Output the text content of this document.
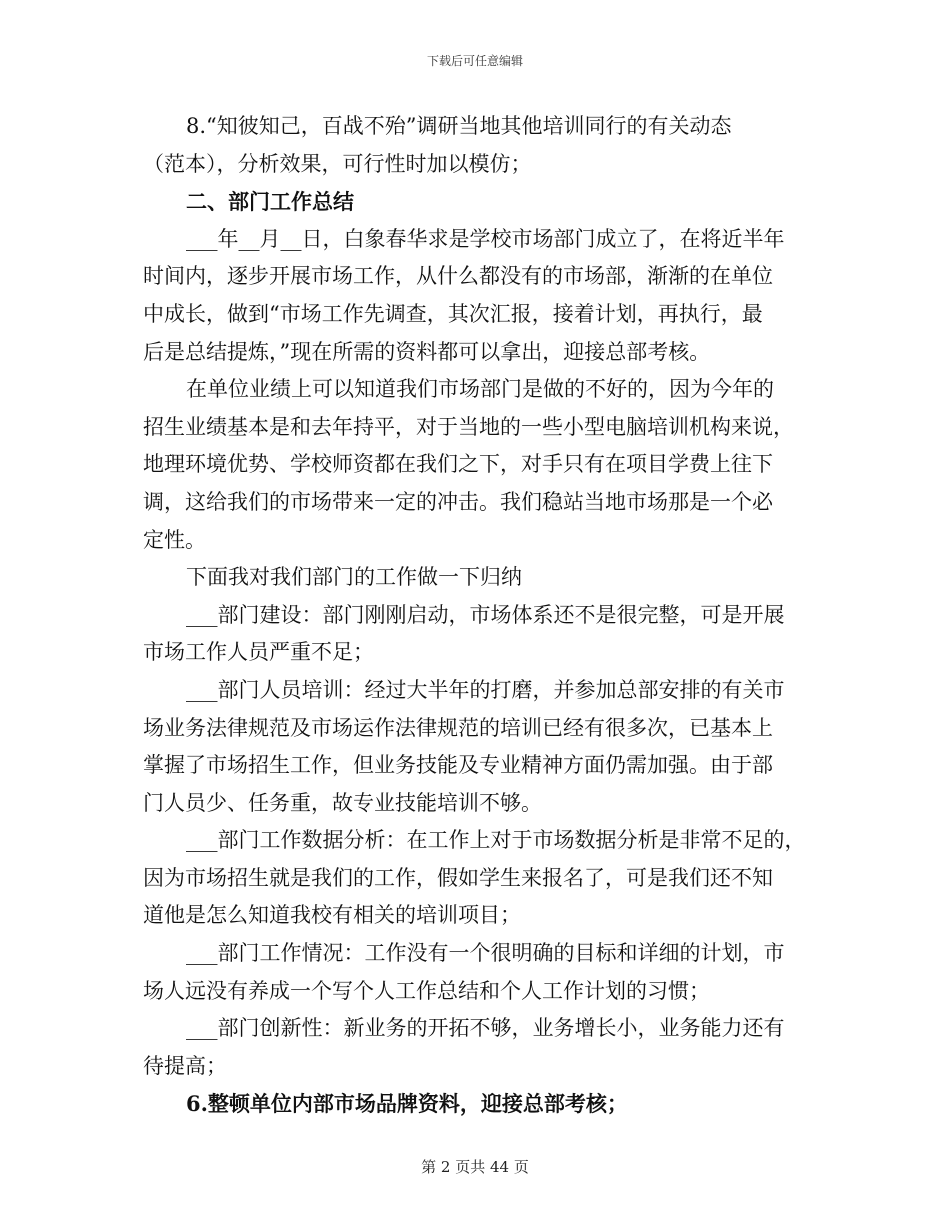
下载后可任意编辑
8.“知彼知己，百战不殆”调研当地其他培训同行的有关动态
（范本），分析效果，可行性时加以模仿；
二、部门工作总结
___年__月__日，白象春华求是学校市场部门成立了，在将近半年
时间内，逐步开展市场工作，从什么都没有的市场部，渐渐的在单位
中成长，做到“市场工作先调查，其次汇报，接着计划，再执行，最
后是总结提炼，”现在所需的资料都可以拿出，迎接总部考核。
在单位业绩上可以知道我们市场部门是做的不好的，因为今年的
招生业绩基本是和去年持平，对于当地的一些小型电脑培训机构来说，
地理环境优势、学校师资都在我们之下，对手只有在项目学费上往下
调，这给我们的市场带来一定的冲击。我们稳站当地市场那是一个必
定性。
下面我对我们部门的工作做一下归纳
___部门建设：部门刚刚启动，市场体系还不是很完整，可是开展
市场工作人员严重不足；
___部门人员培训：经过大半年的打磨，并参加总部安排的有关市
场业务法律规范及市场运作法律规范的培训已经有很多次，已基本上
掌握了市场招生工作，但业务技能及专业精神方面仍需加强。由于部
门人员少、任务重，故专业技能培训不够。
___部门工作数据分析：在工作上对于市场数据分析是非常不足的，
因为市场招生就是我们的工作，假如学生来报名了，可是我们还不知
道他是怎么知道我校有相关的培训项目；
___部门工作情况：工作没有一个很明确的目标和详细的计划，市
场人远没有养成一个写个人工作总结和个人工作计划的习惯；
___部门创新性：新业务的开拓不够，业务增长小，业务能力还有
待提高；
6.整顿单位内部市场品牌资料，迎接总部考核；
第 2 页共 44 页
